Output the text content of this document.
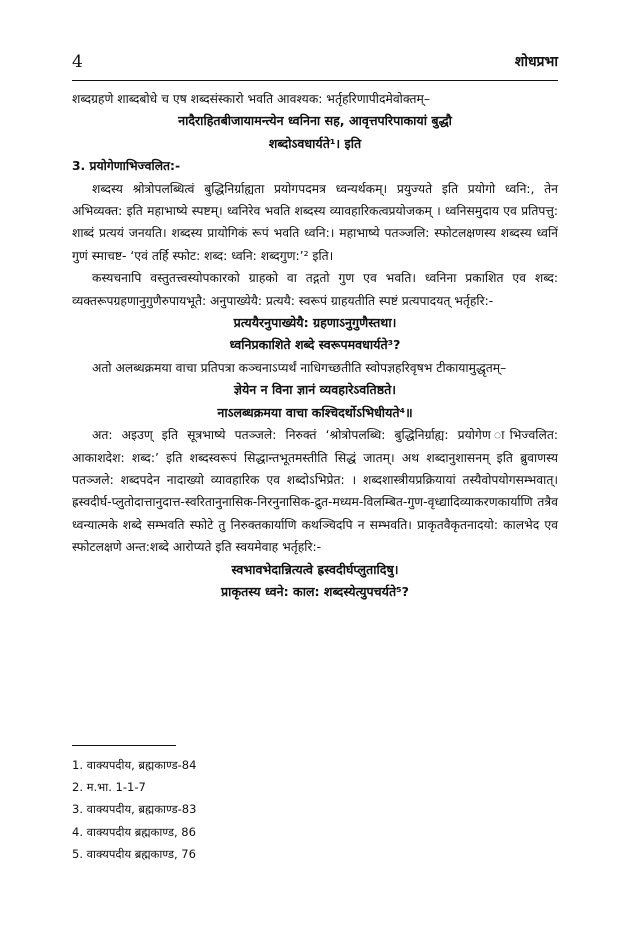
4	शोधप्रभा

शब्दग्रहणे शाब्दबोधे च एष शब्दसंस्कारो भवति आवश्यक: भर्तृहरिणापीदमेवोक्तम्–

नादैराहितबीजायामन्त्येन ध्वनिना सह, आवृत्तपरिपाकायां बुद्धौ

शब्दोऽवधार्यते¹। इति

3. प्रयोगेणाभिज्वलित:-

शब्दस्य श्रोत्रोपलब्धित्वं बुद्धिनिर्ग्राह्यता प्रयोगपदमत्र ध्वन्यर्थकम्। प्रयुज्यते इति प्रयोगो ध्वनि:, तेन अभिव्यक्त: इति महाभाष्ये स्पष्टम्। ध्वनिरेव भवति शब्दस्य व्यावहारिकत्वप्रयोजकम् । ध्वनिसमुदाय एव प्रतिपत्तु: शाब्दं प्रत्ययं जनयति। शब्दस्य प्रायोगिकं रूपं भवति ध्वनि:। महाभाष्ये पतञ्जलि: स्फोटलक्षणस्य शब्दस्य ध्वनिं गुणं स्माचष्ट- ‘एवं तर्हि स्फोट: शब्द: ध्वनि: शब्दगुण:’² इति।

कस्यचनापि वस्तुतत्त्वस्योपकारको ग्राहको वा तद्गतो गुण एव भवति। ध्वनिना प्रकाशित एव शब्द: व्यक्तरूपग्रहणानुगुणैरुपायभूतै: अनुपाख्येयै: प्रत्ययै: स्वरूपं ग्राहयतीति स्पष्टं प्रत्यपादयत् भर्तृहरि:-

प्रत्ययैरनुपाख्येयै: ग्रहणाऽनुगुणैस्तथा।

ध्वनिप्रकाशिते शब्दे स्वरूपमवधार्यते³?

अतो अलब्धक्रमया वाचा प्रतिपत्रा कञ्चनाऽप्यर्थं नाधिगच्छतीति स्वोपज्ञहरिवृषभ टीकायामुद्धृतम्–

ज्ञेयेन न विना ज्ञानं व्यवहारेऽवतिष्ठते।

नाऽलब्धक्रमया वाचा कश्चिदर्थोऽभिधीयते⁴॥

अत: अइउण् इति सूत्रभाष्ये पतञ्जले: निरुक्तं ‘श्रोत्रोपलब्धि: बुद्धिनिर्ग्राह्य: प्रयोगेण ाभिज्वलित: आकाशदेश: शब्द:’ इति शब्दस्वरूपं सिद्धान्तभूतमस्तीति सिद्धं जातम्। अथ शब्दानुशासनम् इति ब्रुवाणस्य पतञ्जले: शब्दपदेन नादाख्यो व्यावहारिक एव शब्दोऽभिप्रेत: । शब्दशास्त्रीयप्रक्रियायां तस्यैवोपयोगसम्भवात्। ह्रस्वदीर्घ-प्लुतोदात्तानुदात्त-स्वरितानुनासिक-निरनुनासिक-द्रुत-मध्यम-विलम्बित-गुण-वृध्द्यादिव्याकरणकार्याणि तत्रैव ध्वन्यात्मके शब्दे सम्भवति स्फोटे तु निरुक्तकार्याणि कथञ्चिदपि न सम्भवति। प्राकृतवैकृतनादयो: कालभेद एव स्फोटलक्षणे अन्त:शब्दे आरोप्यते इति स्वयमेवाह भर्तृहरि:-

स्वभावभेदान्नित्यत्वे ह्रस्वदीर्घप्लुतादिषु।

प्राकृतस्य ध्वने: काल: शब्दस्येत्युपचर्यते⁵?

1. वाक्यपदीय, ब्रह्मकाण्ड-84
2. म.भा. 1-1-7
3. वाक्यपदीय, ब्रह्मकाण्ड-83
4. वाक्यपदीय ब्रह्मकाण्ड, 86
5. वाक्यपदीय ब्रह्मकाण्ड, 76
